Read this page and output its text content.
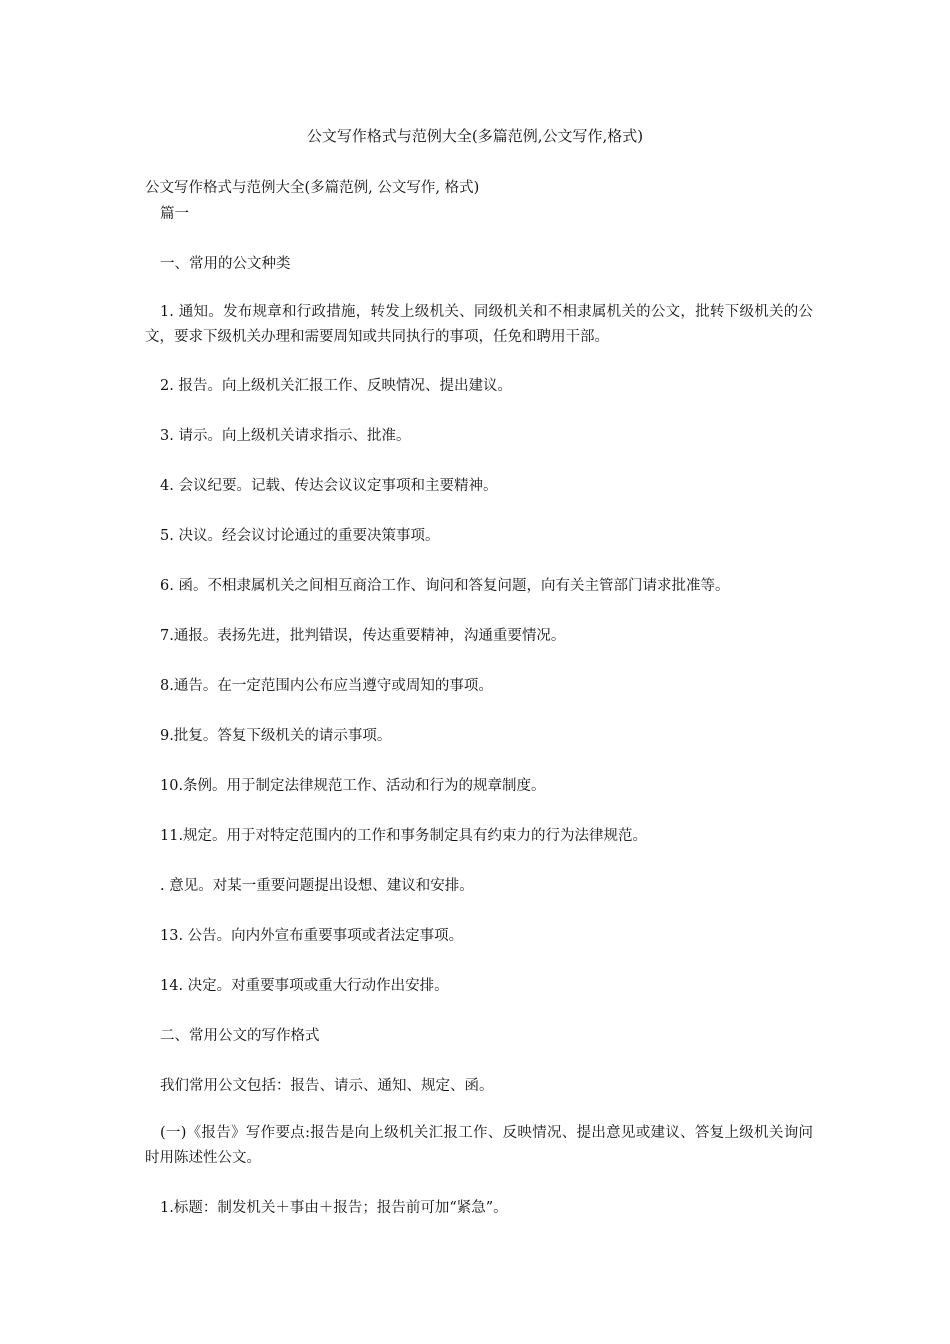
公文写作格式与范例大全(多篇范例,公文写作,格式)
公文写作格式与范例大全(多篇范例, 公文写作, 格式)
篇一
一、常用的公文种类
1. 通知。发布规章和行政措施，转发上级机关、同级机关和不相隶属机关的公文，批转下级机关的公文，要求下级机关办理和需要周知或共同执行的事项，任免和聘用干部。
2. 报告。向上级机关汇报工作、反映情况、提出建议。
3. 请示。向上级机关请求指示、批准。
4. 会议纪要。记载、传达会议议定事项和主要精神。
5. 决议。经会议讨论通过的重要决策事项。
6. 函。不相隶属机关之间相互商洽工作、询问和答复问题，向有关主管部门请求批准等。
7.通报。表扬先进，批判错误，传达重要精神，沟通重要情况。
8.通告。在一定范围内公布应当遵守或周知的事项。
9.批复。答复下级机关的请示事项。
10.条例。用于制定法律规范工作、活动和行为的规章制度。
11.规定。用于对特定范围内的工作和事务制定具有约束力的行为法律规范。
. 意见。对某一重要问题提出设想、建议和安排。
13. 公告。向内外宣布重要事项或者法定事项。
14. 决定。对重要事项或重大行动作出安排。
二、常用公文的写作格式
我们常用公文包括：报告、请示、通知、规定、函。
(一)《报告》写作要点:报告是向上级机关汇报工作、反映情况、提出意见或建议、答复上级机关询问时用陈述性公文。
1.标题：制发机关＋事由＋报告；报告前可加“紧急”。
